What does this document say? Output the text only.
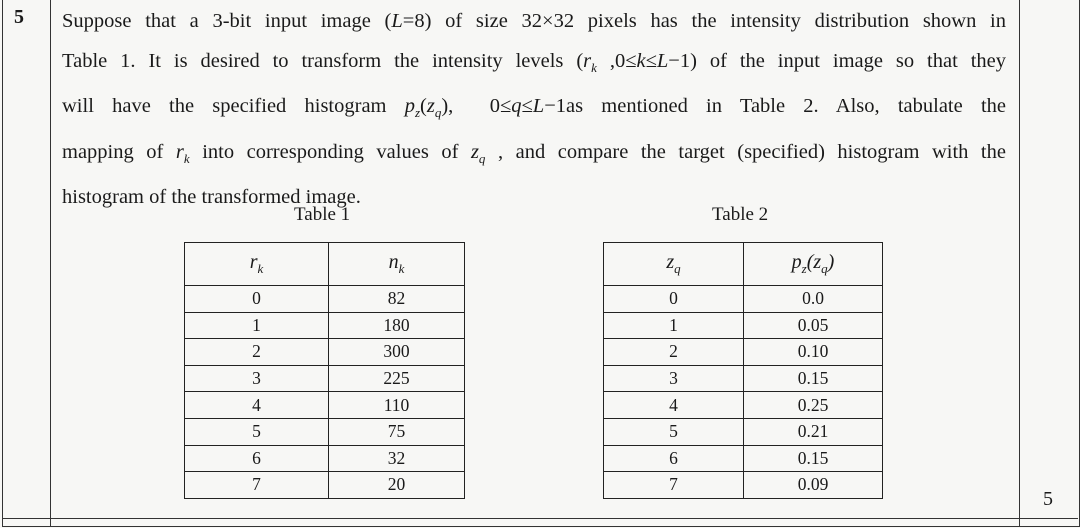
5 Suppose that a 3-bit input image (L=8) of size 32×32 pixels has the intensity distribution shown in
Table 1. It is desired to transform the intensity levels ($r_k$ ,0≤k≤L−1) of the input image so that they
will have the specified histogram $p_z(z_q)$,  0≤q≤L−1as mentioned in Table 2. Also, tabulate the
mapping of $r_k$ into corresponding values of $z_q$ , and compare the target (specified) histogram with the
histogram of the transformed image.
Table 1	Table 2
$r_k$	$n_k$
0	82
1	180
2	300
3	225
4	110
5	75
6	32
7	20
$z_q$	$p_z(z_q)$
0	0.0
1	0.05
2	0.10
3	0.15
4	0.25
5	0.21
6	0.15
7	0.09
5
